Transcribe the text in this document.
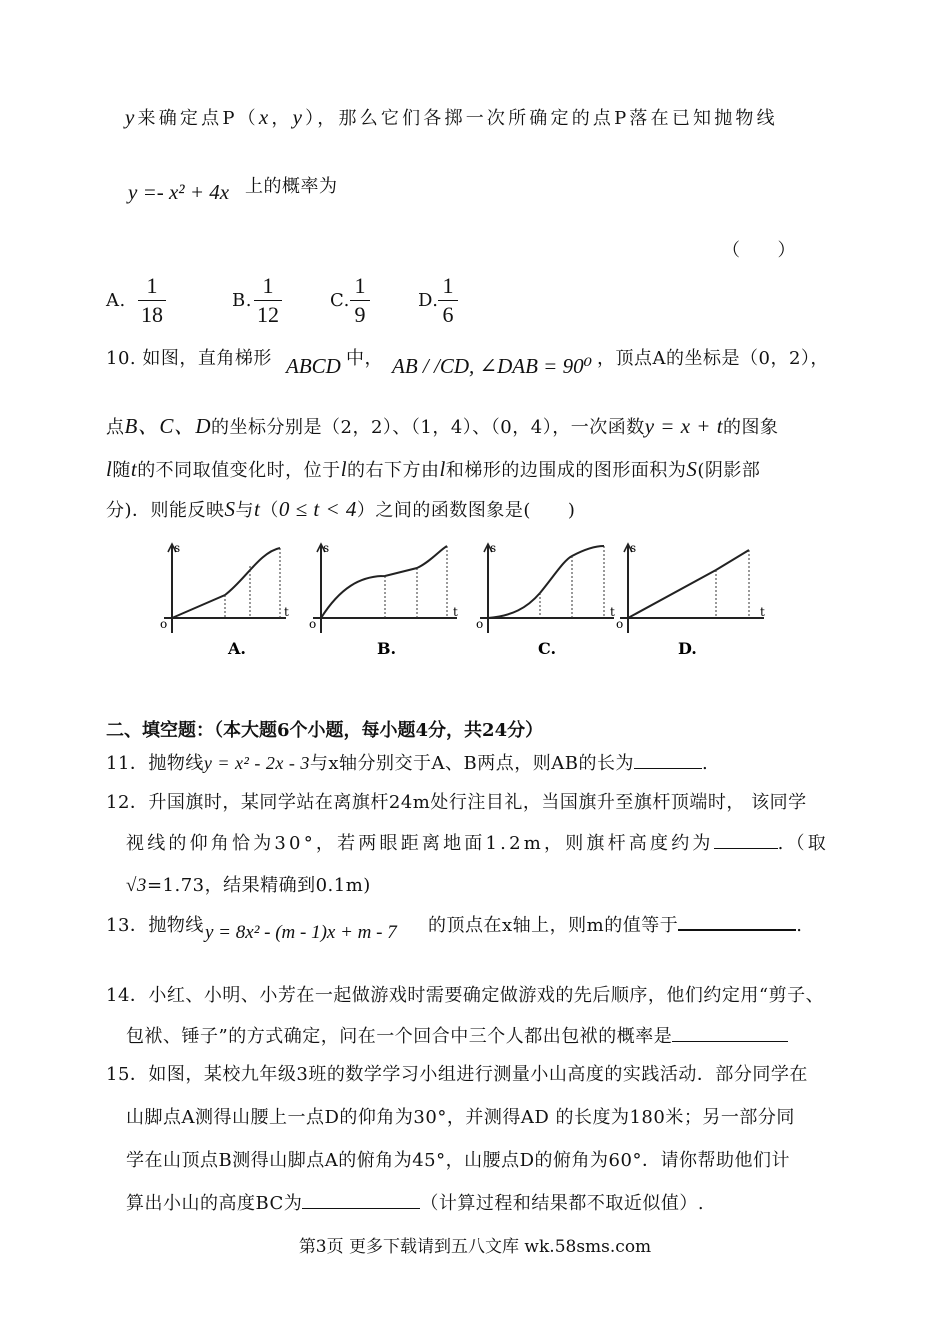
y来确定点P（x，y），那么它们各掷一次所确定的点P落在已知抛物线
y =- x² + 4x 上的概率为
（　　）
A.
1
18
B.
1
12
C.
1
9
D.
1
6
10. 如图，直角梯形 ABCD 中， AB / /CD, ∠DAB = 90⁰ ，顶点A的坐标是（0，2），
点B、C、D的坐标分别是（2，2）、（1，4）、（0，4），一次函数y = x + t的图象
l随t的不同取值变化时，位于l的右下方由l和梯形的边围成的图形面积为S(阴影部
分)．则能反映S与t（0 ≤ t < 4）之间的函数图象是(　　)
s
t
o
A.
s
t
o
B.
s
t
o
C.
s
t
o
D.
二、填空题：（本大题6个小题，每小题4分，共24分）
11．抛物线y = x² - 2x - 3与x轴分别交于A、B两点，则AB的长为	.
12．升国旗时，某同学站在离旗杆24m处行注目礼，当国旗升至旗杆顶端时， 该同学
视线的仰角恰为30°，若两眼距离地面1.2m，则旗杆高度约为	.（取
√3=1.73，结果精确到0.1m)
13．抛物线 y = 8x² - (m - 1)x + m - 7 的顶点在x轴上，则m的值等于	.
14．小红、小明、小芳在一起做游戏时需要确定做游戏的先后顺序，他们约定用“剪子、
包袱、锤子”的方式确定，问在一个回合中三个人都出包袱的概率是
15．如图，某校九年级3班的数学学习小组进行测量小山高度的实践活动．部分同学在
山脚点A测得山腰上一点D的仰角为30°，并测得AD 的长度为180米；另一部分同
学在山顶点B测得山脚点A的俯角为45°，山腰点D的俯角为60°．请你帮助他们计
算出小山的高度BC为	（计算过程和结果都不取近似值）.
第3页 更多下载请到五八文库 wk.58sms.com
